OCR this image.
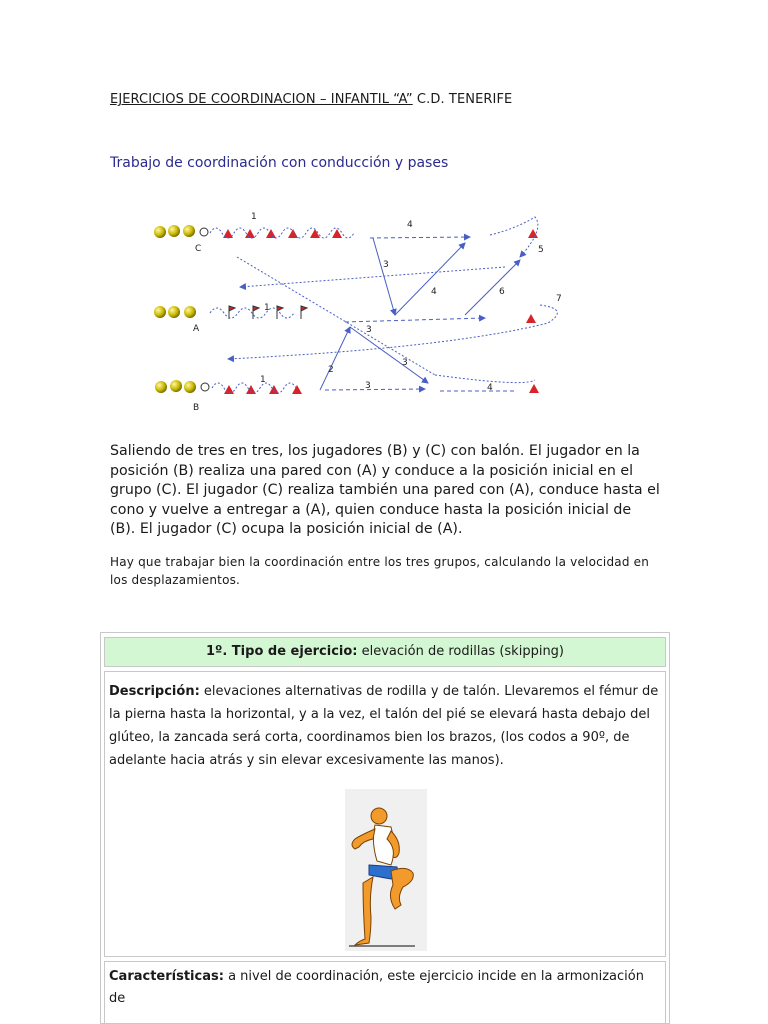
EJERCICIOS DE COORDINACION – INFANTIL “A” C.D. TENERIFE
Trabajo de coordinación con conducción y pases
C
A
B
1
4
3
5
4
1
6
7
3
2
3
1
3
4
Saliendo de tres en tres, los jugadores (B) y (C) con balón. El jugador en la posición (B) realiza una pared con (A) y conduce a la posición inicial en el grupo (C). El jugador (C) realiza también una pared con (A), conduce hasta el cono y vuelve a entregar a (A), quien conduce hasta la posición inicial de (B). El jugador (C) ocupa la posición inicial de (A).
Hay que trabajar bien la coordinación entre los tres grupos, calculando la velocidad en los desplazamientos.
1º. Tipo de ejercicio: elevación de rodillas (skipping)
Descripción: elevaciones alternativas de rodilla y de talón. Llevaremos el fémur de la pierna hasta la horizontal, y a la vez, el talón del pié se elevará hasta debajo del glúteo, la zancada será corta, coordinamos bien los brazos, (los codos a 90º, de adelante hacia atrás y sin elevar excesivamente las manos).
Características: a nivel de coordinación, este ejercicio incide en la armonización de
